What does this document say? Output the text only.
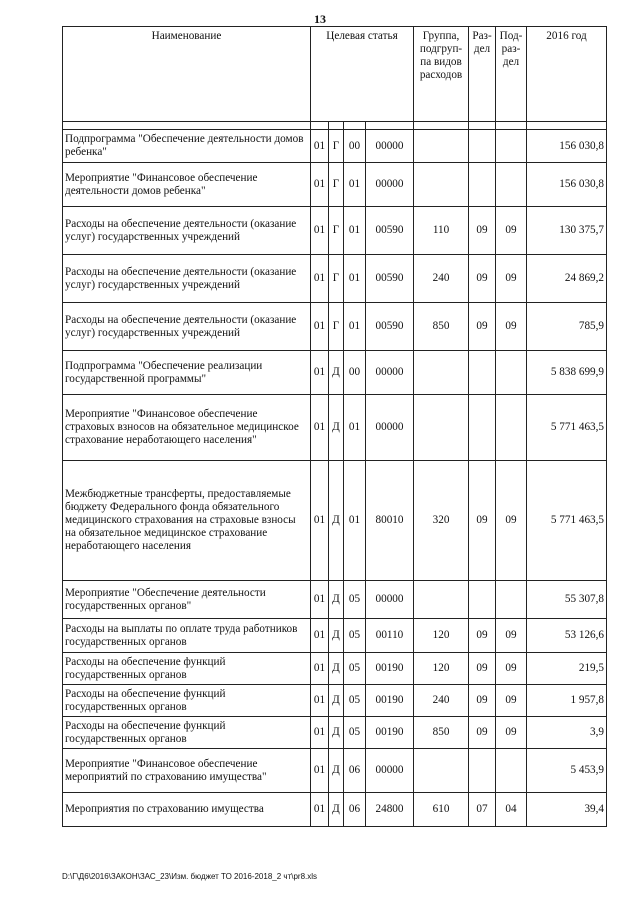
13
Наименование	Целевая статья				Группа, подгруп-па видов расходов	Раз-дел	Под-раз-дел	2016 год

Подпрограмма "Обеспечение деятельности домов ребенка"	01	Г	00	00000				156 030,8
Мероприятие "Финансовое обеспечение деятельности домов ребенка"	01	Г	01	00000				156 030,8
Расходы на обеспечение деятельности (оказание услуг) государственных учреждений	01	Г	01	00590	110	09	09	130 375,7
Расходы на обеспечение деятельности (оказание услуг) государственных учреждений	01	Г	01	00590	240	09	09	24 869,2
Расходы на обеспечение деятельности (оказание услуг) государственных учреждений	01	Г	01	00590	850	09	09	785,9
Подпрограмма "Обеспечение реализации государственной программы"	01	Д	00	00000				5 838 699,9
Мероприятие "Финансовое обеспечение страховых взносов на обязательное медицинское страхование неработающего населения"	01	Д	01	00000				5 771 463,5
Межбюджетные трансферты, предоставляемые бюджету Федерального фонда обязательного медицинского страхования на страховые взносы на обязательное медицинское страхование неработающего населения	01	Д	01	80010	320	09	09	5 771 463,5
Мероприятие "Обеспечение деятельности государственных органов"	01	Д	05	00000				55 307,8
Расходы на выплаты по оплате труда работников государственных органов	01	Д	05	00110	120	09	09	53 126,6
Расходы на обеспечение функций государственных органов	01	Д	05	00190	120	09	09	219,5
Расходы на обеспечение функций государственных органов	01	Д	05	00190	240	09	09	1 957,8
Расходы на обеспечение функций государственных органов	01	Д	05	00190	850	09	09	3,9
Мероприятие "Финансовое обеспечение мероприятий по страхованию имущества"	01	Д	06	00000				5 453,9
Мероприятия по страхованию имущества	01	Д	06	24800	610	07	04	39,4
D:\Г\Д6\2016\ЗАКОН\ЗАС_23\Изм. бюджет ТО 2016-2018_2 чт\pr8.xls
